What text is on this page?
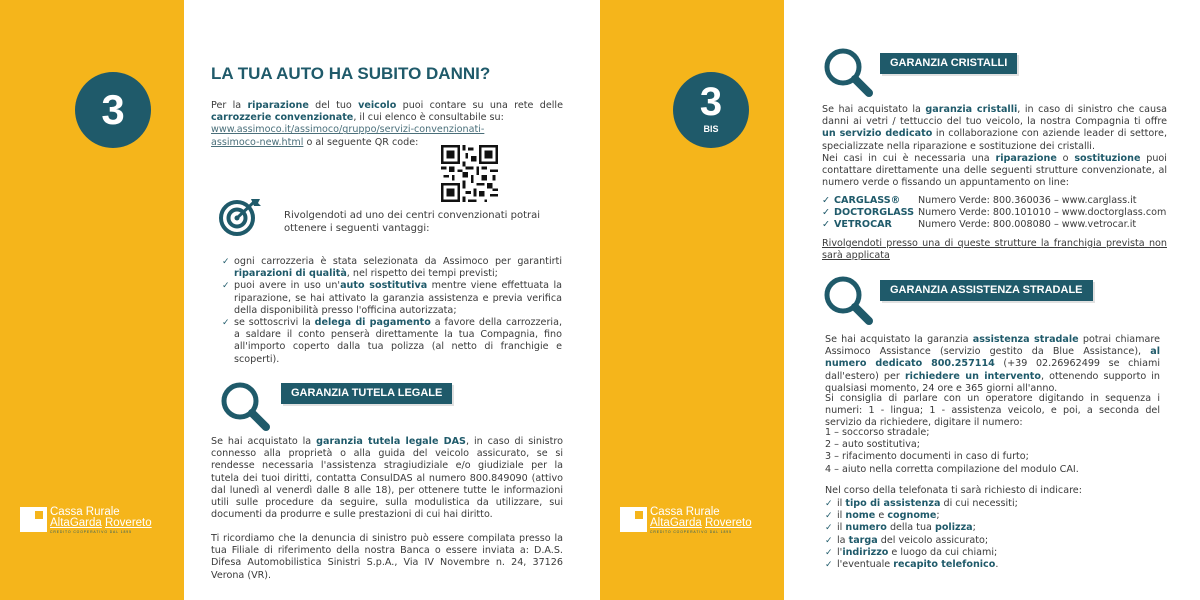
3
Cassa Rurale
AltaGarda Rovereto
CREDITO COOPERATIVO DAL 1895
LA TUA AUTO HA SUBITO DANNI?
Per la riparazione del tuo veicolo puoi contare su una rete delle carrozzerie convenzionate, il cui elenco è consultabile su:
www.assimoco.it/assimoco/gruppo/servizi-convenzionati-
assimoco-new.html o al seguente QR code:
Rivolgendoti ad uno dei centri convenzionati potrai ottenere i seguenti vantaggi:
✓ ogni carrozzeria è stata selezionata da Assimoco per garantirti riparazioni di qualità, nel rispetto dei tempi previsti;
✓ puoi avere in uso un'auto sostitutiva mentre viene effettuata la riparazione, se hai attivato la garanzia assistenza e previa verifica della disponibilità presso l'officina autorizzata;
✓ se sottoscrivi la delega di pagamento a favore della carrozzeria, a saldare il conto penserà direttamente la tua Compagnia, fino all'importo coperto dalla tua polizza (al netto di franchigie e scoperti).
GARANZIA TUTELA LEGALE
Se hai acquistato la garanzia tutela legale DAS, in caso di sinistro connesso alla proprietà o alla guida del veicolo assicurato, se si rendesse necessaria l'assistenza stragiudiziale e/o giudiziale per la tutela dei tuoi diritti, contatta ConsulDAS al numero 800.849090 (attivo dal lunedì al venerdì dalle 8 alle 18), per ottenere tutte le informazioni utili sulle procedure da seguire, sulla modulistica da utilizzare, sui documenti da produrre e sulle prestazioni di cui hai diritto.
Ti ricordiamo che la denuncia di sinistro può essere compilata presso la tua Filiale di riferimento della nostra Banca o essere inviata a: D.A.S. Difesa Automobilistica Sinistri S.p.A., Via IV Novembre n. 24, 37126 Verona (VR).
3
BIS
Cassa Rurale
AltaGarda Rovereto
CREDITO COOPERATIVO DAL 1895
GARANZIA CRISTALLI
Se hai acquistato la garanzia cristalli, in caso di sinistro che causa danni ai vetri / tettuccio del tuo veicolo, la nostra Compagnia ti offre un servizio dedicato in collaborazione con aziende leader di settore, specializzate nella riparazione e sostituzione dei cristalli.
Nei casi in cui è necessaria una riparazione o sostituzione puoi contattare direttamente una delle seguenti strutture convenzionate, al numero verde o fissando un appuntamento on line:
✓ CARGLASS® Numero Verde: 800.360036 – www.carglass.it
✓ DOCTORGLASS Numero Verde: 800.101010 – www.doctorglass.com
✓ VETROCAR	Numero Verde: 800.008080 – www.vetrocar.it
Rivolgendoti presso una di queste strutture la franchigia prevista non sarà applicata
GARANZIA ASSISTENZA STRADALE
Se hai acquistato la garanzia assistenza stradale potrai chiamare Assimoco Assistance (servizio gestito da Blue Assistance), al numero dedicato 800.257114 (+39 02.26962499 se chiami dall'estero) per richiedere un intervento, ottenendo supporto in qualsiasi momento, 24 ore e 365 giorni all'anno.
Si consiglia di parlare con un operatore digitando in sequenza i numeri: 1 - lingua; 1 - assistenza veicolo, e poi, a seconda del servizio da richiedere, digitare il numero:
1 – soccorso stradale;
2 – auto sostitutiva;
3 – rifacimento documenti in caso di furto;
4 – aiuto nella corretta compilazione del modulo CAI.
Nel corso della telefonata ti sarà richiesto di indicare:
✓ il tipo di assistenza di cui necessiti;
✓ il nome e cognome;
✓ il numero della tua polizza;
✓ la targa del veicolo assicurato;
✓ l'indirizzo e luogo da cui chiami;
✓ l'eventuale recapito telefonico.
